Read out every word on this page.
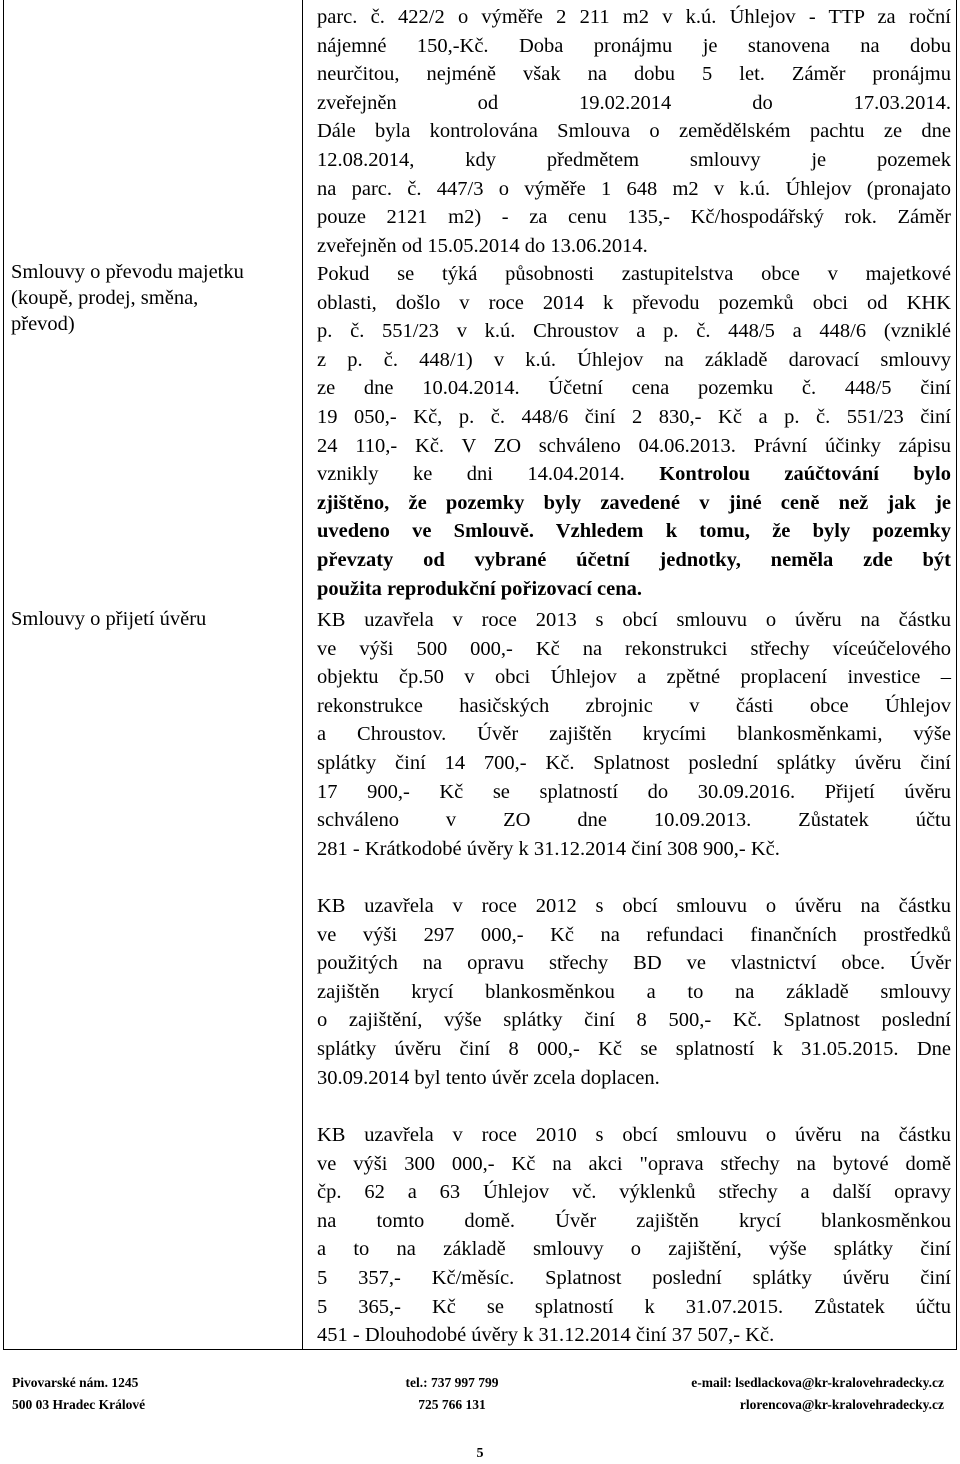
Smlouvy o převodu majetku
(koupě, prodej, směna,
převod)
Smlouvy o přijetí úvěru
parc. č. 422/2 o výměře 2 211 m2 v k.ú. Úhlejov - TTP za roční
nájemné 150,-Kč. Doba pronájmu je stanovena na dobu
neurčitou, nejméně však na dobu 5 let. Záměr pronájmu
zveřejněn od 19.02.2014 do 17.03.2014.
Dále byla kontrolována Smlouva o zemědělském pachtu ze dne
12.08.2014, kdy předmětem smlouvy je pozemek
na parc. č. 447/3 o výměře 1 648 m2 v k.ú. Úhlejov (pronajato
pouze 2121 m2) - za cenu 135,- Kč/hospodářský rok. Záměr
zveřejněn od 15.05.2014 do 13.06.2014.
Pokud se týká působnosti zastupitelstva obce v majetkové
oblasti, došlo v roce 2014 k převodu pozemků obci od KHK
p. č. 551/23 v k.ú. Chroustov a p. č. 448/5 a 448/6 (vzniklé
z p. č. 448/1) v k.ú. Úhlejov na základě darovací smlouvy
ze dne 10.04.2014. Účetní cena pozemku č. 448/5 činí
19 050,- Kč, p. č. 448/6 činí 2 830,- Kč a p. č. 551/23 činí
24 110,- Kč. V ZO schváleno 04.06.2013. Právní účinky zápisu
vznikly ke dni 14.04.2014. Kontrolou zaúčtování bylo
zjištěno, že pozemky byly zavedené v jiné ceně než jak je
uvedeno ve Smlouvě. Vzhledem k tomu, že byly pozemky
převzaty od vybrané účetní jednotky, neměla zde být
použita reprodukční pořizovací cena.
KB uzavřela v roce 2013 s obcí smlouvu o úvěru na částku
ve výši 500 000,- Kč na rekonstrukci střechy víceúčelového
objektu čp.50 v obci Úhlejov a zpětné proplacení investice –
rekonstrukce hasičských zbrojnic v části obce Úhlejov
a Chroustov. Úvěr zajištěn krycími blankosměnkami, výše
splátky činí 14 700,- Kč. Splatnost poslední splátky úvěru činí
17 900,- Kč se splatností do 30.09.2016. Přijetí úvěru
schváleno v ZO dne 10.09.2013. Zůstatek účtu
281 - Krátkodobé úvěry k 31.12.2014 činí 308 900,- Kč.
KB uzavřela v roce 2012 s obcí smlouvu o úvěru na částku
ve výši 297 000,- Kč na refundaci finančních prostředků
použitých na opravu střechy BD ve vlastnictví obce. Úvěr
zajištěn krycí blankosměnkou a to na základě smlouvy
o zajištění, výše splátky činí 8 500,- Kč. Splatnost poslední
splátky úvěru činí 8 000,- Kč se splatností k 31.05.2015. Dne
30.09.2014 byl tento úvěr zcela doplacen.
KB uzavřela v roce 2010 s obcí smlouvu o úvěru na částku
ve výši 300 000,- Kč na akci "oprava střechy na bytové domě
čp. 62 a 63 Úhlejov vč. výklenků střechy a další opravy
na tomto domě. Úvěr zajištěn krycí blankosměnkou
a to na základě smlouvy o zajištění, výše splátky činí
5 357,- Kč/měsíc. Splatnost poslední splátky úvěru činí
5 365,- Kč se splatností k 31.07.2015. Zůstatek účtu
451 - Dlouhodobé úvěry k 31.12.2014 činí 37 507,- Kč.
Pivovarské nám. 1245
500 03 Hradec Králové
tel.: 737 997 799
725 766 131
e-mail: lsedlackova@kr-kralovehradecky.cz
rlorencova@kr-kralovehradecky.cz
5
